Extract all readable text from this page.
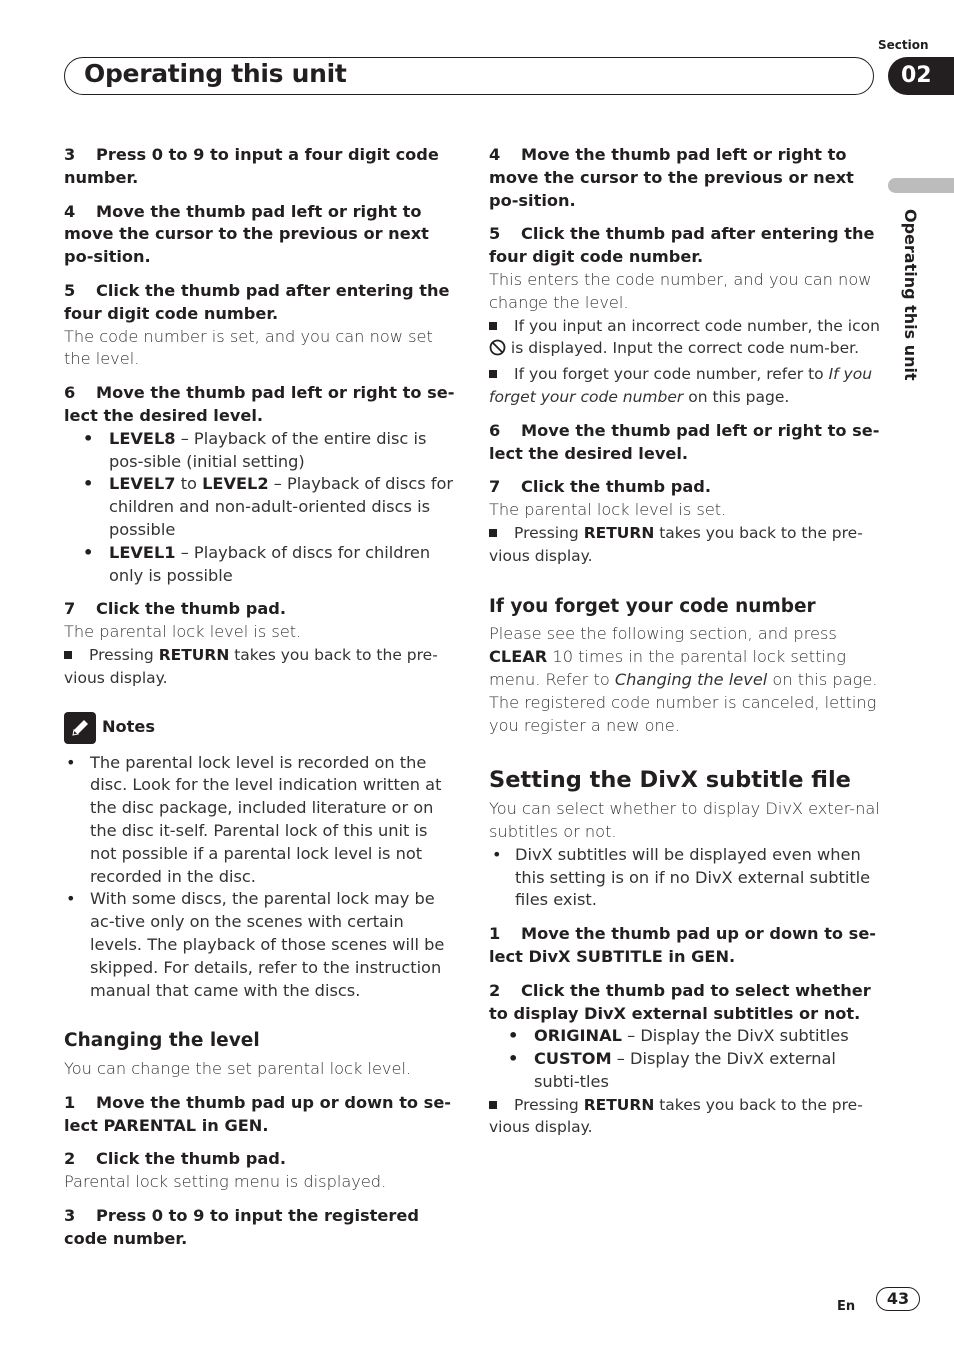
Operating this unit
Section
02
Operating this unit

3 Press 0 to 9 to input a four digit code number.

4 Move the thumb pad left or right to move the cursor to the previous or next po-sition.

5 Click the thumb pad after entering the four digit code number.

The code number is set, and you can now set the level.

6 Move the thumb pad left or right to se-lect the desired level.

• LEVEL8 – Playback of the entire disc is pos-sible (initial setting)
• LEVEL7 to LEVEL2 – Playback of discs for children and non-adult-oriented discs is possible
• LEVEL1 – Playback of discs for children only is possible

7 Click the thumb pad.

The parental lock level is set.

Pressing RETURN takes you back to the pre-vious display.

Notes
• The parental lock level is recorded on the disc. Look for the level indication written at the disc package, included literature or on the disc it-self. Parental lock of this unit is not possible if a parental lock level is not recorded in the disc.
• With some discs, the parental lock may be ac-tive only on the scenes with certain levels. The playback of those scenes will be skipped. For details, refer to the instruction manual that came with the discs.

Changing the level

You can change the set parental lock level.

1 Move the thumb pad up or down to se-lect PARENTAL in GEN.

2 Click the thumb pad.

Parental lock setting menu is displayed.

3 Press 0 to 9 to input the registered code number.

4 Move the thumb pad left or right to move the cursor to the previous or next po-sition.

5 Click the thumb pad after entering the four digit code number.

This enters the code number, and you can now change the level.

If you input an incorrect code number, the icon  is displayed. Input the correct code num-ber.

If you forget your code number, refer to If you forget your code number on this page.

6 Move the thumb pad left or right to se-lect the desired level.

7 Click the thumb pad.

The parental lock level is set.

Pressing RETURN takes you back to the pre-vious display.

If you forget your code number

Please see the following section, and press CLEAR 10 times in the parental lock setting menu. Refer to Changing the level on this page. The registered code number is canceled, letting you register a new one.

Setting the DivX subtitle file

You can select whether to display DivX exter-nal subtitles or not.

• DivX subtitles will be displayed even when this setting is on if no DivX external subtitle files exist.

1 Move the thumb pad up or down to se-lect DivX SUBTITLE in GEN.

2 Click the thumb pad to select whether to display DivX external subtitles or not.

• ORIGINAL – Display the DivX subtitles
• CUSTOM – Display the DivX external subti-tles

Pressing RETURN takes you back to the pre-vious display.

En	43
